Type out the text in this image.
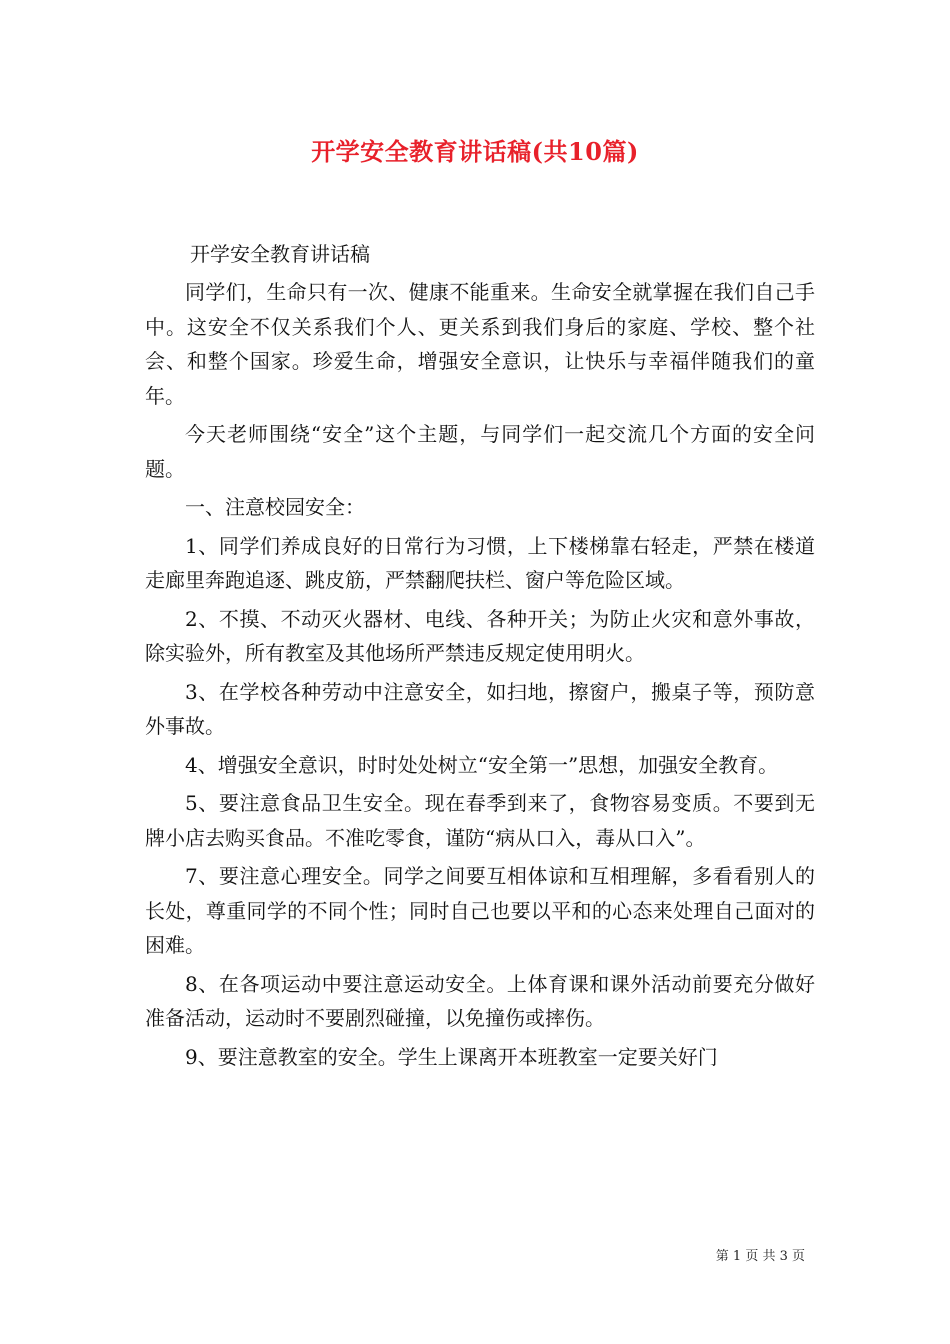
开学安全教育讲话稿(共10篇)

开学安全教育讲话稿

同学们，生命只有一次、健康不能重来。生命安全就掌握在我们自己手中。这安全不仅关系我们个人、更关系到我们身后的家庭、学校、整个社会、和整个国家。珍爱生命，增强安全意识，让快乐与幸福伴随我们的童年。

今天老师围绕“安全”这个主题，与同学们一起交流几个方面的安全问题。

一、注意校园安全：

1、同学们养成良好的日常行为习惯，上下楼梯靠右轻走，严禁在楼道走廊里奔跑追逐、跳皮筋，严禁翻爬扶栏、窗户等危险区域。

2、不摸、不动灭火器材、电线、各种开关；为防止火灾和意外事故，除实验外，所有教室及其他场所严禁违反规定使用明火。

3、在学校各种劳动中注意安全，如扫地，擦窗户，搬桌子等，预防意外事故。

4、增强安全意识，时时处处树立“安全第一”思想，加强安全教育。

5、要注意食品卫生安全。现在春季到来了，食物容易变质。不要到无牌小店去购买食品。不准吃零食，谨防“病从口入，毒从口入”。

7、要注意心理安全。同学之间要互相体谅和互相理解，多看看别人的长处，尊重同学的不同个性；同时自己也要以平和的心态来处理自己面对的困难。

8、在各项运动中要注意运动安全。上体育课和课外活动前要充分做好准备活动，运动时不要剧烈碰撞，以免撞伤或摔伤。

9、要注意教室的安全。学生上课离开本班教室一定要关好门

第 1 页 共 3 页
